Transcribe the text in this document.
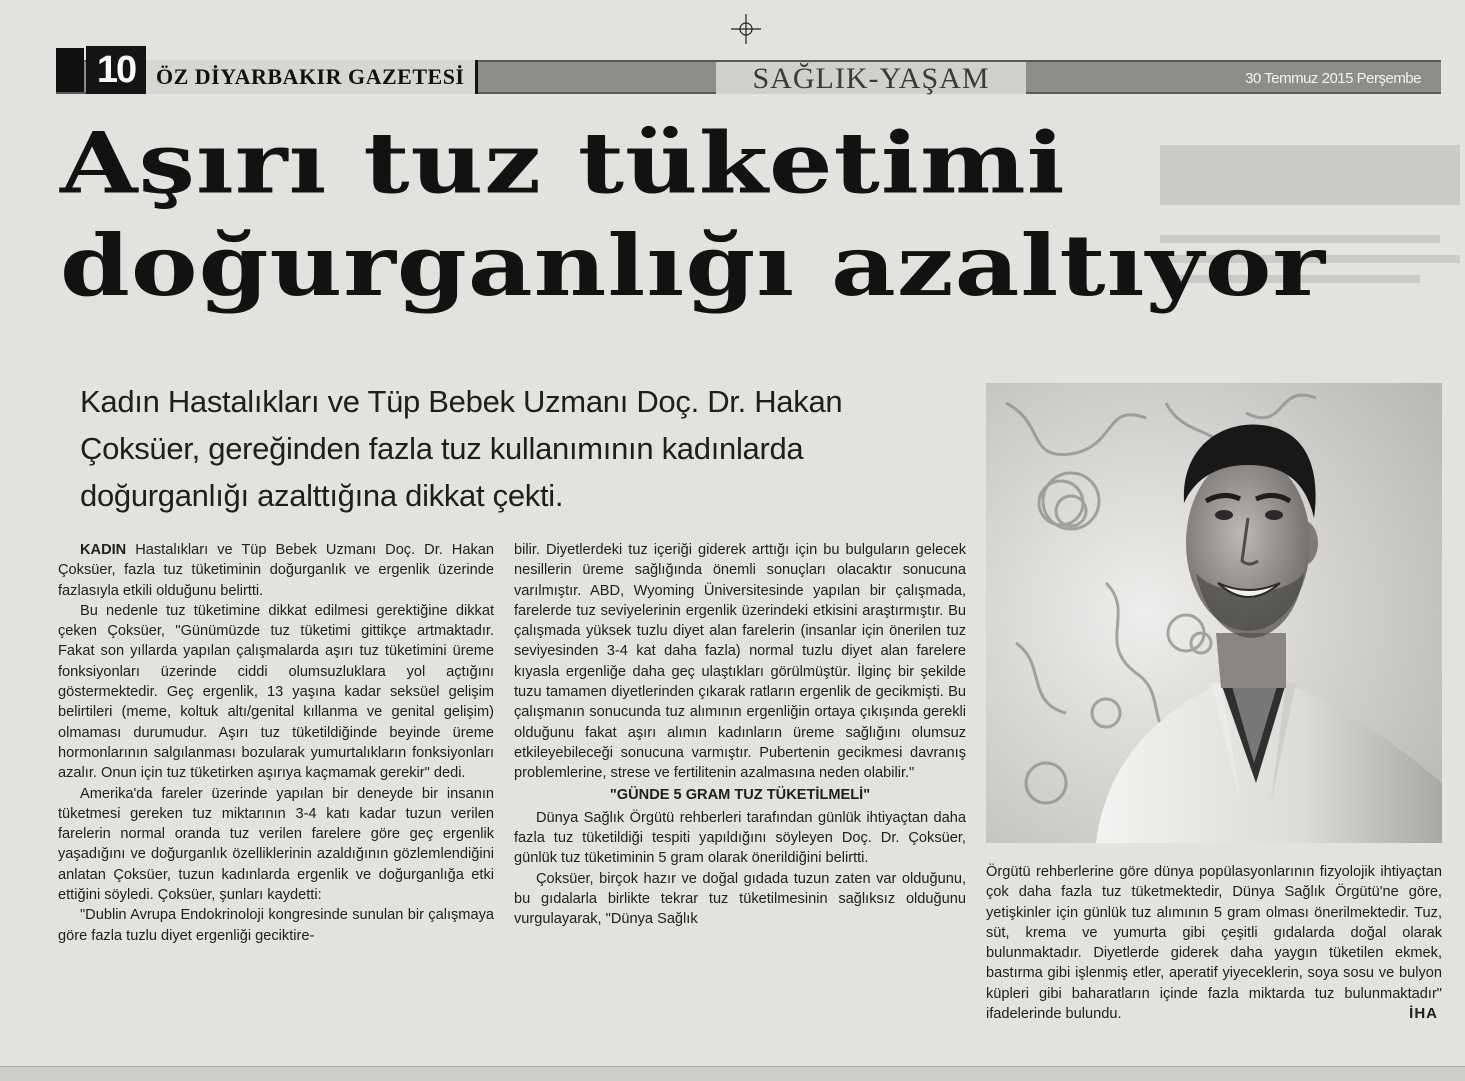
10 ÖZ DİYARBAKIR GAZETESİ	SAĞLIK-YAŞAM	30 Temmuz 2015 Perşembe
Aşırı tuz tüketimi
doğurganlığı azaltıyor
Kadın Hastalıkları ve Tüp Bebek Uzmanı Doç. Dr. Hakan Çoksüer, gereğinden fazla tuz kullanımının kadınlarda doğurganlığı azalttığına dikkat çekti.

KADIN Hastalıkları ve Tüp Bebek Uzmanı Doç. Dr. Hakan Çoksüer, fazla tuz tüketiminin doğurganlık ve ergenlik üzerinde fazlasıyla etkili olduğunu belirtti.

Bu nedenle tuz tüketimine dikkat edilmesi gerektiğine dikkat çeken Çoksüer, "Günümüzde tuz tüketimi gittikçe artmaktadır. Fakat son yıllarda yapılan çalışmalarda aşırı tuz tüketimini üreme fonksiyonları üzerinde ciddi olumsuzluklara yol açtığını göstermektedir. Geç ergenlik, 13 yaşına kadar seksüel gelişim belirtileri (meme, koltuk altı/genital kıllanma ve genital gelişim) olmaması durumudur. Aşırı tuz tüketildiğinde beyinde üreme hormonlarının salgılanması bozularak yumurtalıkların fonksiyonları azalır. Onun için tuz tüketirken aşırıya kaçmamak gerekir" dedi.

Amerika'da fareler üzerinde yapılan bir deneyde bir insanın tüketmesi gereken tuz miktarının 3-4 katı kadar tuzun verilen farelerin normal oranda tuz verilen farelere göre geç ergenlik yaşadığını ve doğurganlık özelliklerinin azaldığının gözlemlendiğini anlatan Çoksüer, tuzun kadınlarda ergenlik ve doğurganlığa etki ettiğini söyledi. Çoksüer, şunları kaydetti:

"Dublin Avrupa Endokrinoloji kongresinde sunulan bir çalışmaya göre fazla tuzlu diyet ergenliği geciktire-

bilir. Diyetlerdeki tuz içeriği giderek arttığı için bu bulguların gelecek nesillerin üreme sağlığında önemli sonuçları olacaktır sonucuna varılmıştır. ABD, Wyoming Üniversitesinde yapılan bir çalışmada, farelerde tuz seviyelerinin ergenlik üzerindeki etkisini araştırmıştır. Bu çalışmada yüksek tuzlu diyet alan farelerin (insanlar için önerilen tuz seviyesinden 3-4 kat daha fazla) normal tuzlu diyet alan farelere kıyasla ergenliğe daha geç ulaştıkları görülmüştür. İlginç bir şekilde tuzu tamamen diyetlerinden çıkarak ratların ergenlik de gecikmişti. Bu çalışmanın sonucunda tuz alımının ergenliğin ortaya çıkışında gerekli olduğunu fakat aşırı alımın kadınların üreme sağlığını olumsuz etkileyebileceği sonucuna varmıştır. Pubertenin gecikmesi davranış problemlerine, strese ve fertilitenin azalmasına neden olabilir."

"GÜNDE 5 GRAM TUZ TÜKETİLMELİ"

Dünya Sağlık Örgütü rehberleri tarafından günlük ihtiyaçtan daha fazla tuz tüketildiği tespiti yapıldığını söyleyen Doç. Dr. Çoksüer, günlük tuz tüketiminin 5 gram olarak önerildiğini belirtti.

Çoksüer, birçok hazır ve doğal gıdada tuzun zaten var olduğunu, bu gıdalarla birlikte tekrar tuz tüketilmesinin sağlıksız olduğunu vurgulayarak, "Dünya Sağlık

Örgütü rehberlerine göre dünya popülasyonlarının fizyolojik ihtiyaçtan çok daha fazla tuz tüketmektedir, Dünya Sağlık Örgütü'ne göre, yetişkinler için günlük tuz alımının 5 gram olması önerilmektedir. Tuz, süt, krema ve yumurta gibi çeşitli gıdalarda doğal olarak bulunmaktadır. Diyetlerde giderek daha yaygın tüketilen ekmek, bastırma gibi işlenmiş etler, aperatif yiyeceklerin, soya sosu ve bulyon küpleri gibi baharatların içinde fazla miktarda tuz bulunmaktadır" ifadelerinde bulundu.	İHA
